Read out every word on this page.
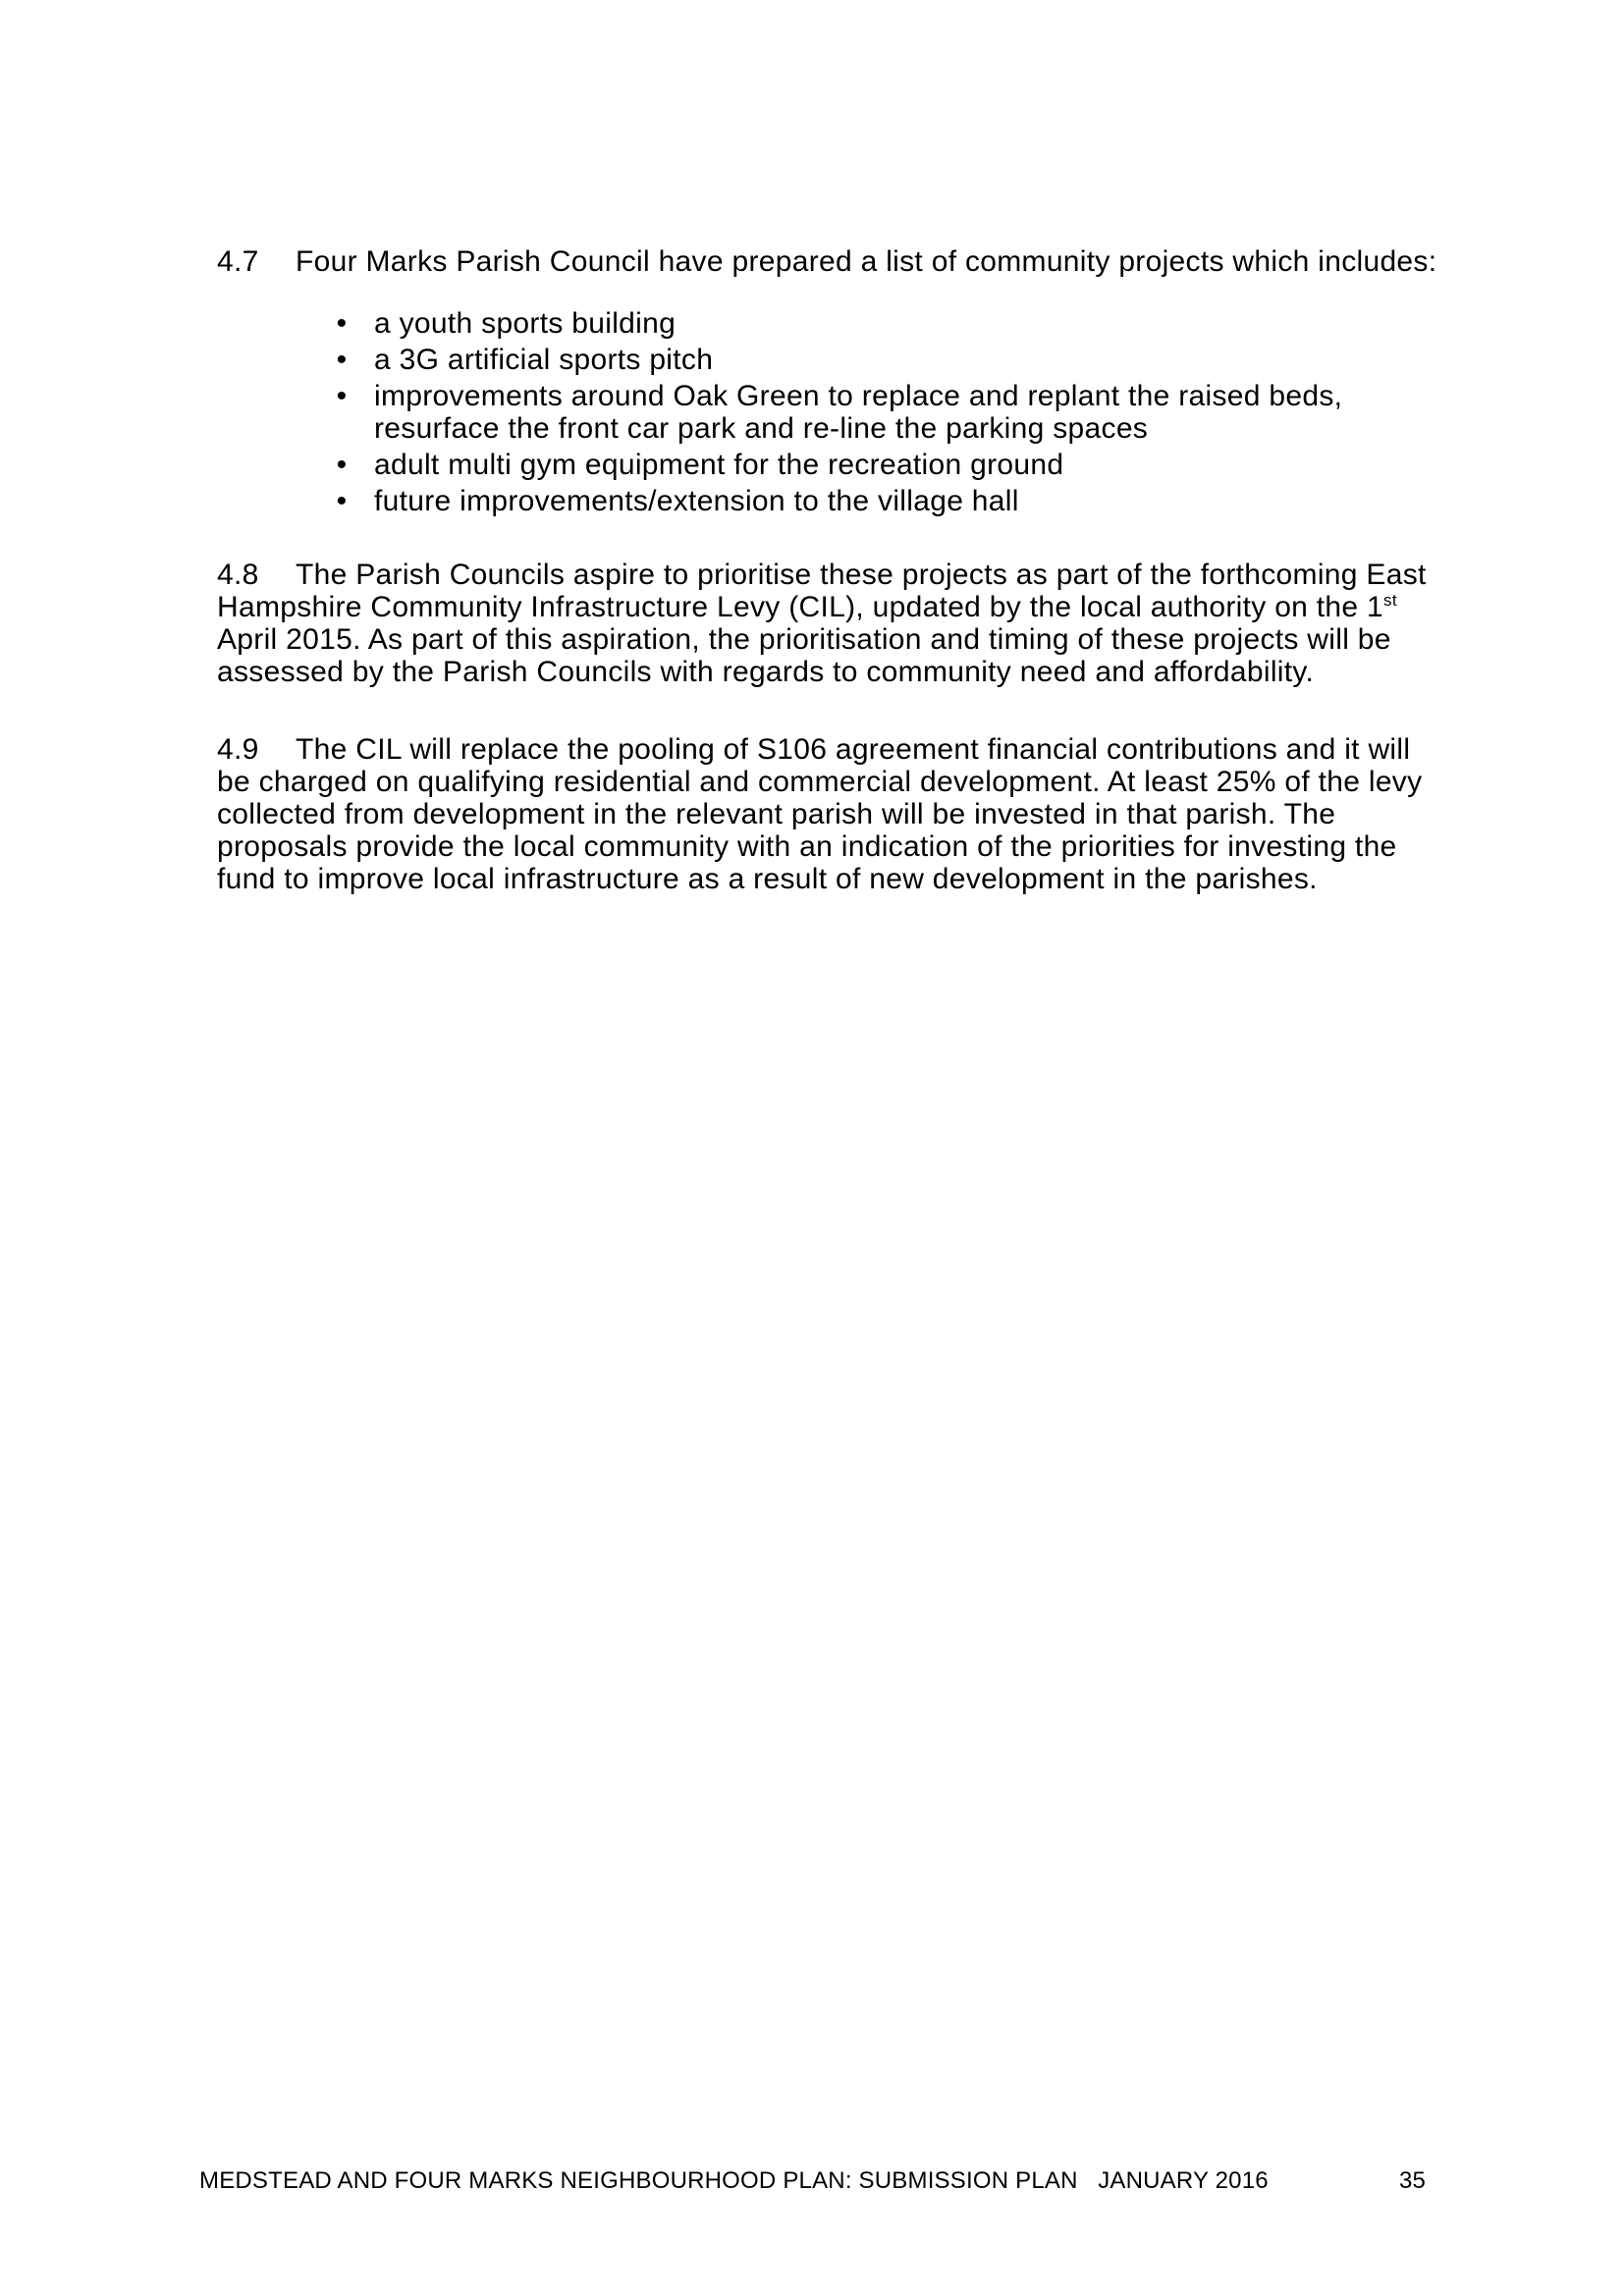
4.7 Four Marks Parish Council have prepared a list of community projects which includes:

• a youth sports building
• a 3G artificial sports pitch
• improvements around Oak Green to replace and replant the raised beds, resurface the front car park and re-line the parking spaces
• adult multi gym equipment for the recreation ground
• future improvements/extension to the village hall

4.8 The Parish Councils aspire to prioritise these projects as part of the forthcoming East Hampshire Community Infrastructure Levy (CIL), updated by the local authority on the 1st April 2015. As part of this aspiration, the prioritisation and timing of these projects will be assessed by the Parish Councils with regards to community need and affordability.

4.9 The CIL will replace the pooling of S106 agreement financial contributions and it will be charged on qualifying residential and commercial development. At least 25% of the levy collected from development in the relevant parish will be invested in that parish. The proposals provide the local community with an indication of the priorities for investing the fund to improve local infrastructure as a result of new development in the parishes.

MEDSTEAD AND FOUR MARKS NEIGHBOURHOOD PLAN: SUBMISSION PLAN   JANUARY 2016	35
